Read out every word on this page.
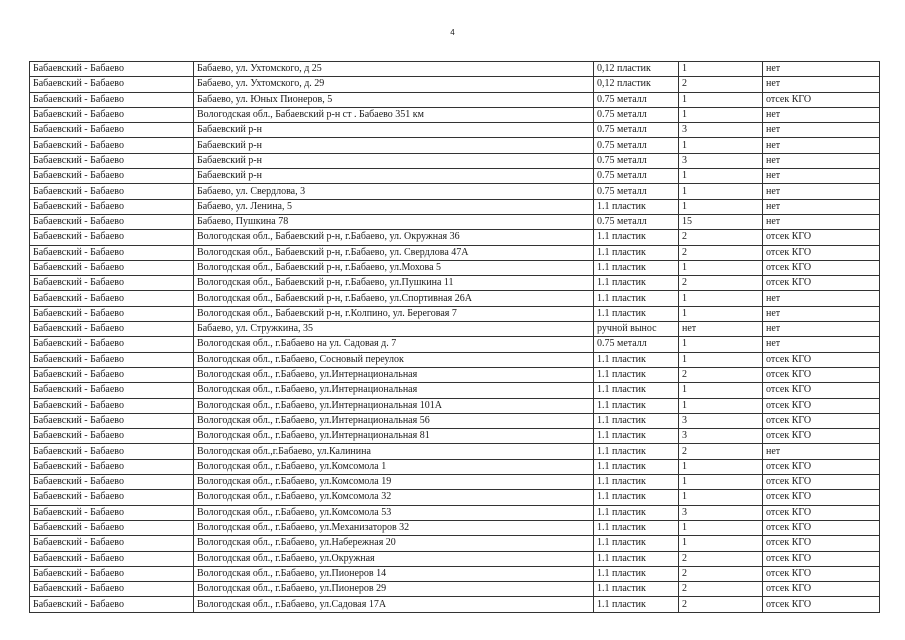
4
Бабаевский - Бабаево	Бабаево, ул. Ухтомского, д 25	0,12 пластик	1	нет
Бабаевский - Бабаево	Бабаево, ул. Ухтомского, д. 29	0,12 пластик	2	нет
Бабаевский - Бабаево	Бабаево, ул. Юных Пионеров, 5	0.75 металл	1	отсек КГО
Бабаевский - Бабаево	Вологодская обл., Бабаевский р-н ст . Бабаево 351 км	0.75 металл	1	нет
Бабаевский - Бабаево	Бабаевский р-н	0.75 металл	3	нет
Бабаевский - Бабаево	Бабаевский р-н	0.75 металл	1	нет
Бабаевский - Бабаево	Бабаевский р-н	0.75 металл	3	нет
Бабаевский - Бабаево	Бабаевский р-н	0.75 металл	1	нет
Бабаевский - Бабаево	Бабаево, ул. Свердлова, 3	0.75 металл	1	нет
Бабаевский - Бабаево	Бабаево, ул. Ленина, 5	1.1 пластик	1	нет
Бабаевский - Бабаево	Бабаево, Пушкина 78	0.75 металл	15	нет
Бабаевский - Бабаево	Вологодская обл., Бабаевский р-н, г.Бабаево, ул. Окружная 36	1.1 пластик	2	отсек КГО
Бабаевский - Бабаево	Вологодская обл., Бабаевский р-н, г.Бабаево, ул. Свердлова 47А	1.1 пластик	2	отсек КГО
Бабаевский - Бабаево	Вологодская обл., Бабаевский р-н, г.Бабаево, ул.Мохова 5	1.1 пластик	1	отсек КГО
Бабаевский - Бабаево	Вологодская обл., Бабаевский р-н, г.Бабаево, ул.Пушкина 11	1.1 пластик	2	отсек КГО
Бабаевский - Бабаево	Вологодская обл., Бабаевский р-н, г.Бабаево, ул.Спортивная 26А	1.1 пластик	1	нет
Бабаевский - Бабаево	Вологодская обл., Бабаевский р-н, г.Колпино, ул. Береговая 7	1.1 пластик	1	нет
Бабаевский - Бабаево	Бабаево, ул. Стружкина, 35	ручной вынос	нет	нет
Бабаевский - Бабаево	Вологодская обл., г.Бабаево на ул. Садовая д. 7	0.75 металл	1	нет
Бабаевский - Бабаево	Вологодская обл., г.Бабаево, Сосновый переулок	1.1 пластик	1	отсек КГО
Бабаевский - Бабаево	Вологодская обл., г.Бабаево, ул.Интернациональная	1.1 пластик	2	отсек КГО
Бабаевский - Бабаево	Вологодская обл., г.Бабаево, ул.Интернациональная	1.1 пластик	1	отсек КГО
Бабаевский - Бабаево	Вологодская обл., г.Бабаево, ул.Интернациональная 101А	1.1 пластик	1	отсек КГО
Бабаевский - Бабаево	Вологодская обл., г.Бабаево, ул.Интернациональная 56	1.1 пластик	3	отсек КГО
Бабаевский - Бабаево	Вологодская обл., г.Бабаево, ул.Интернациональная 81	1.1 пластик	3	отсек КГО
Бабаевский - Бабаево	Вологодская обл.,г.Бабаево, ул.Калинина	1.1 пластик	2	нет
Бабаевский - Бабаево	Вологодская обл., г.Бабаево, ул.Комсомола 1	1.1 пластик	1	отсек КГО
Бабаевский - Бабаево	Вологодская обл., г.Бабаево, ул.Комсомола 19	1.1 пластик	1	отсек КГО
Бабаевский - Бабаево	Вологодская обл., г.Бабаево, ул.Комсомола 32	1.1 пластик	1	отсек КГО
Бабаевский - Бабаево	Вологодская обл., г.Бабаево, ул.Комсомола 53	1.1 пластик	3	отсек КГО
Бабаевский - Бабаево	Вологодская обл., г.Бабаево, ул.Механизаторов 32	1.1 пластик	1	отсек КГО
Бабаевский - Бабаево	Вологодская обл., г.Бабаево, ул.Набережная 20	1.1 пластик	1	отсек КГО
Бабаевский - Бабаево	Вологодская обл., г.Бабаево, ул.Окружная	1.1 пластик	2	отсек КГО
Бабаевский - Бабаево	Вологодская обл., г.Бабаево, ул.Пионеров 14	1.1 пластик	2	отсек КГО
Бабаевский - Бабаево	Вологодская обл., г.Бабаево, ул.Пионеров 29	1.1 пластик	2	отсек КГО
Бабаевский - Бабаево	Вологодская обл., г.Бабаево, ул.Садовая 17А	1.1 пластик	2	отсек КГО
